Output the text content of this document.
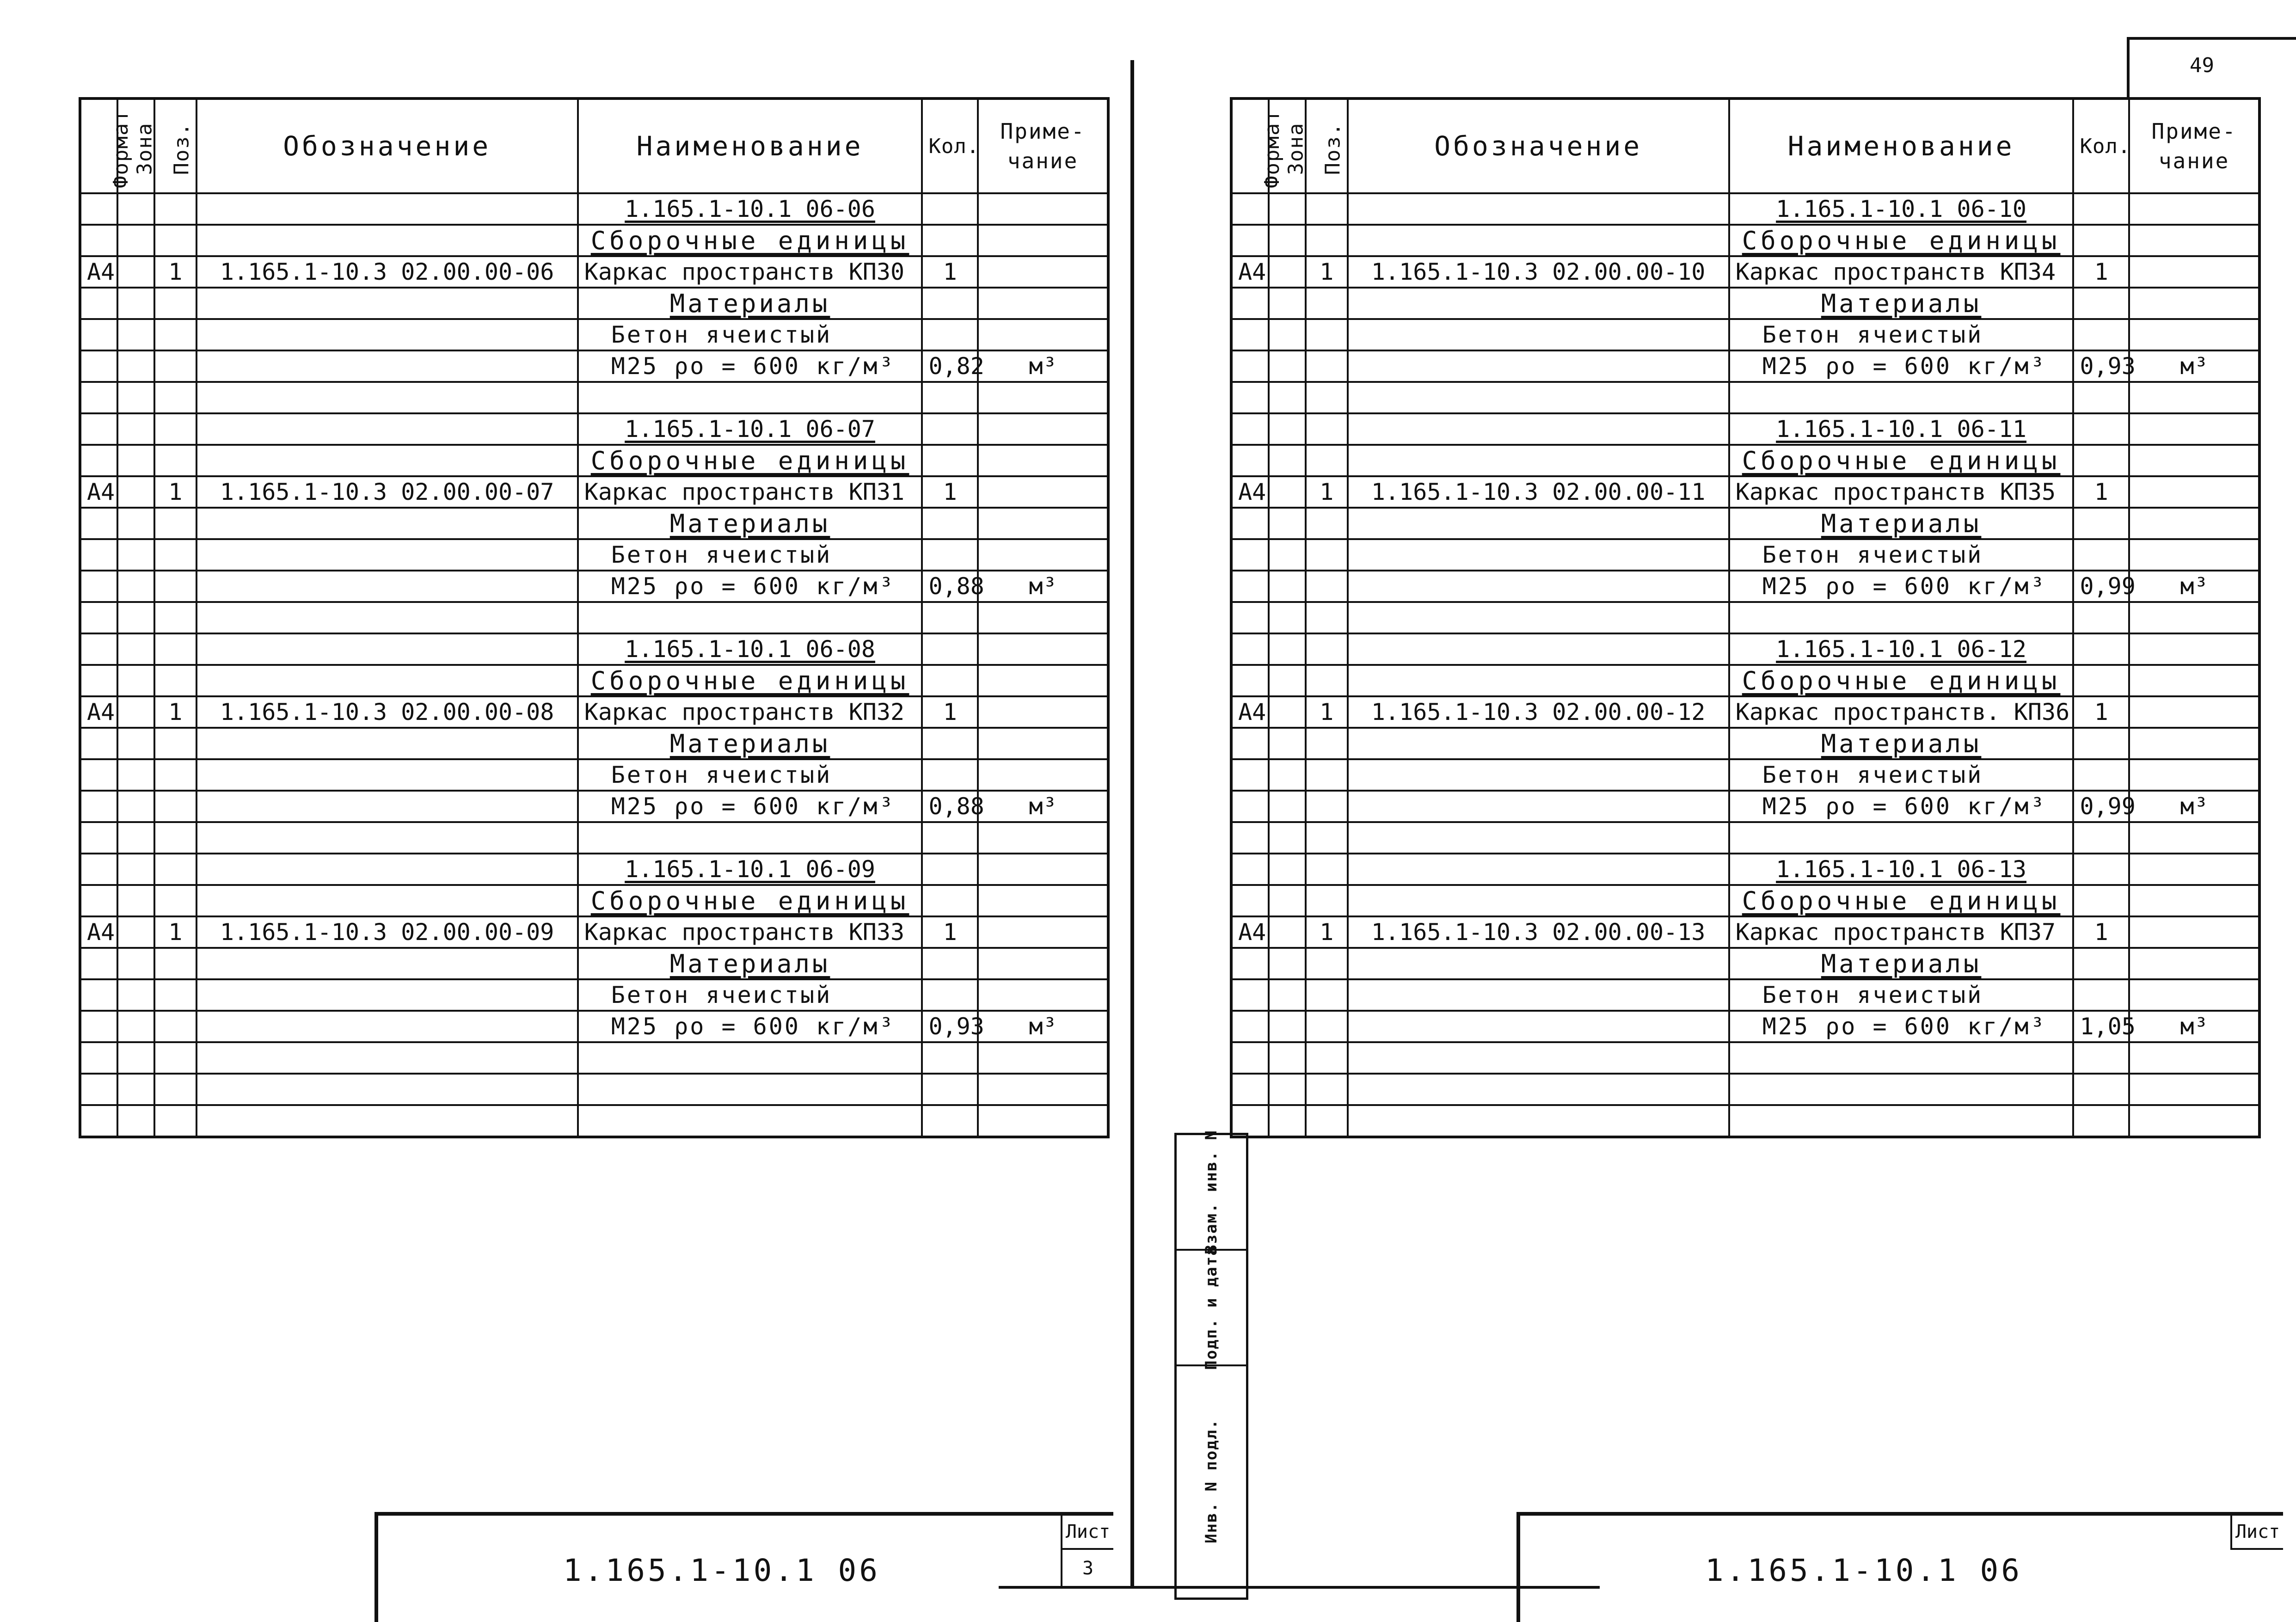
49
Формат	Зона	Поз.	Обозначение	Наименование	Кол.	Приме-чание
				1.165.1-10.1 06-06		
				Сборочные единицы		
А4		1	1.165.1-10.3 02.00.00-06	Каркас пространств КП30	1	
				Материалы		
				Бетон ячеистый		
				М25 ρо = 600 кг/м³	0,82	м³

				1.165.1-10.1 06-07		
				Сборочные единицы		
А4		1	1.165.1-10.3 02.00.00-07	Каркас пространств КП31	1	
				Материалы		
				Бетон ячеистый		
				М25 ρо = 600 кг/м³	0,88	м³

				1.165.1-10.1 06-08		
				Сборочные единицы		
А4		1	1.165.1-10.3 02.00.00-08	Каркас пространств КП32	1	
				Материалы		
				Бетон ячеистый		
				М25 ρо = 600 кг/м³	0,88	м³

				1.165.1-10.1 06-09		
				Сборочные единицы		
А4		1	1.165.1-10.3 02.00.00-09	Каркас пространств КП33	1	
				Материалы		
				Бетон ячеистый		
				М25 ρо = 600 кг/м³	0,93	м³

1.165.1-10.1 06
Лист
3
Взам. инв. N
Подп. и дата
Инв. N подл.
Формат	Зона	Поз.	Обозначение	Наименование	Кол.	Приме-чание
				1.165.1-10.1 06-10		
				Сборочные единицы		
А4		1	1.165.1-10.3 02.00.00-10	Каркас пространств КП34	1	
				Материалы		
				Бетон ячеистый		
				М25 ρо = 600 кг/м³	0,93	м³

				1.165.1-10.1 06-11		
				Сборочные единицы		
А4		1	1.165.1-10.3 02.00.00-11	Каркас пространств КП35	1	
				Материалы		
				Бетон ячеистый		
				М25 ρо = 600 кг/м³	0,99	м³

				1.165.1-10.1 06-12		
				Сборочные единицы		
А4		1	1.165.1-10.3 02.00.00-12	Каркас пространств. КП36	1	
				Материалы		
				Бетон ячеистый		
				М25 ρо = 600 кг/м³	0,99	м³

				1.165.1-10.1 06-13		
				Сборочные единицы		
А4		1	1.165.1-10.3 02.00.00-13	Каркас пространств КП37	1	
				Материалы		
				Бетон ячеистый		
				М25 ρо = 600 кг/м³	1,05	м³

1.165.1-10.1 06
Лист
